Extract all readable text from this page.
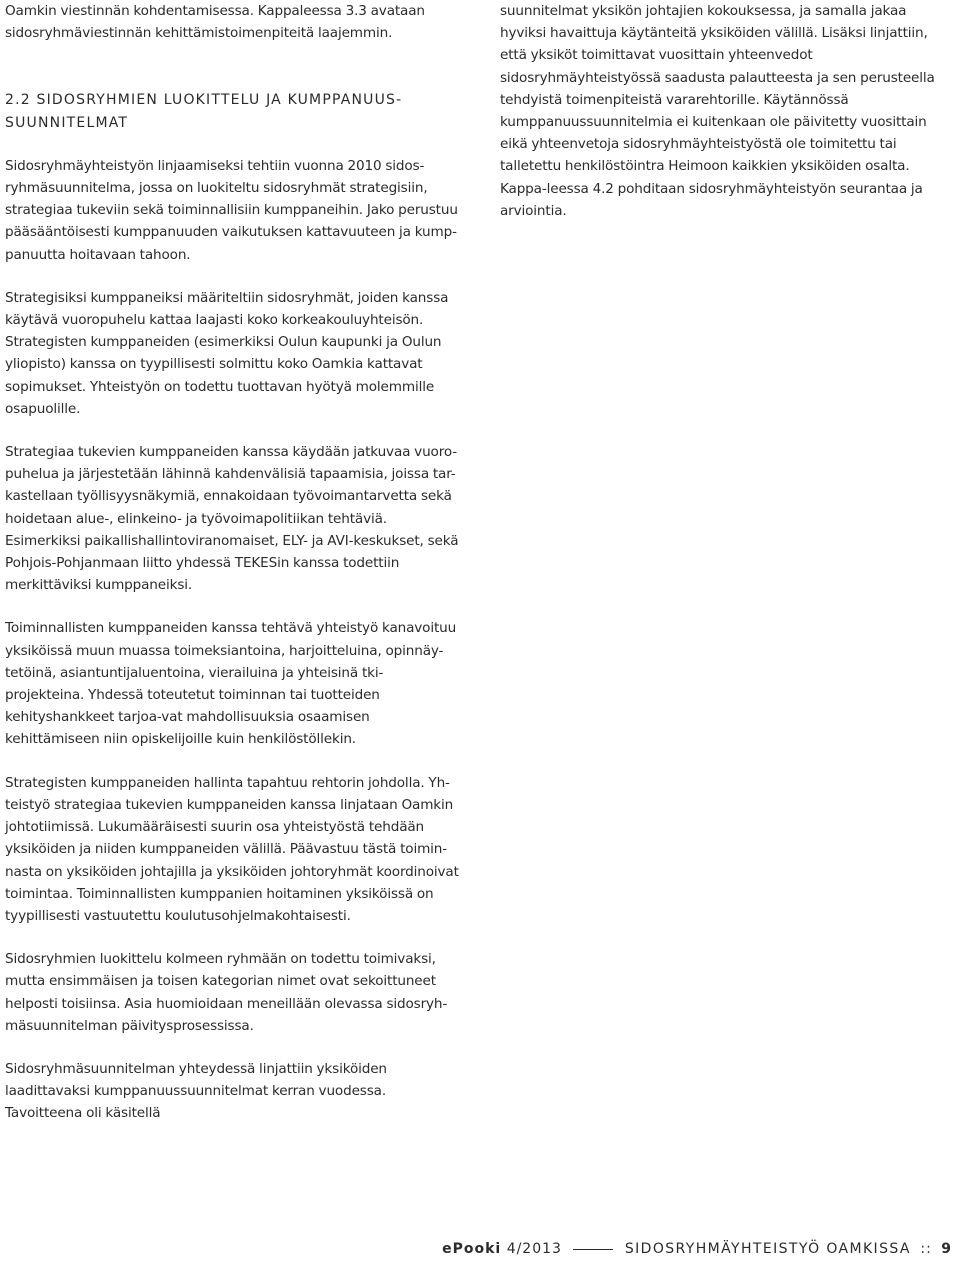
Oamkin viestinnän kohdentamisessa. Kappaleessa 3.3 avataan sidosryhmäviestinnän kehittämistoimenpiteitä laajemmin.

2.2 SIDOSRYHMIEN LUOKITTELU JA KUMPPANUUS-SUUNNITELMAT

Sidosryhmäyhteistyön linjaamiseksi tehtiin vuonna 2010 sidos-ryhmäsuunnitelma, jossa on luokiteltu sidosryhmät strategisiin, strategiaa tukeviin sekä toiminnallisiin kumppaneihin. Jako perustuu pääsääntöisesti kumppanuuden vaikutuksen kattavuuteen ja kump-panuutta hoitavaan tahoon.

Strategisiksi kumppaneiksi määriteltiin sidosryhmät, joiden kanssa käytävä vuoropuhelu kattaa laajasti koko korkeakouluyhteisön. Strategisten kumppaneiden (esimerkiksi Oulun kaupunki ja Oulun yliopisto) kanssa on tyypillisesti solmittu koko Oamkia kattavat sopimukset. Yhteistyön on todettu tuottavan hyötyä molemmille osapuolille.

Strategiaa tukevien kumppaneiden kanssa käydään jatkuvaa vuoro-puhelua ja järjestetään lähinnä kahdenvälisiä tapaamisia, joissa tar-kastellaan työllisyysnäkymiä, ennakoidaan työvoimantarvetta sekä hoidetaan alue-, elinkeino- ja työvoimapolitiikan tehtäviä. Esimerkiksi paikallishallintoviranomaiset, ELY- ja AVI-keskukset, sekä Pohjois-Pohjanmaan liitto yhdessä TEKESin kanssa todettiin merkittäviksi kumppaneiksi.

Toiminnallisten kumppaneiden kanssa tehtävä yhteistyö kanavoituu yksiköissä muun muassa toimeksiantoina, harjoitteluina, opinnäy-tetöinä, asiantuntijaluentoina, vierailuina ja yhteisinä tki-projekteina. Yhdessä toteutetut toiminnan tai tuotteiden kehityshankkeet tarjoa-vat mahdollisuuksia osaamisen kehittämiseen niin opiskelijoille kuin henkilöstöllekin.

Strategisten kumppaneiden hallinta tapahtuu rehtorin johdolla. Yh-teistyö strategiaa tukevien kumppaneiden kanssa linjataan Oamkin johtotiimissä. Lukumääräisesti suurin osa yhteistyöstä tehdään yksiköiden ja niiden kumppaneiden välillä. Päävastuu tästä toimin-nasta on yksiköiden johtajilla ja yksiköiden johtoryhmät koordinoivat toimintaa. Toiminnallisten kumppanien hoitaminen yksiköissä on tyypillisesti vastuutettu koulutusohjelmakohtaisesti.

Sidosryhmien luokittelu kolmeen ryhmään on todettu toimivaksi, mutta ensimmäisen ja toisen kategorian nimet ovat sekoittuneet helposti toisiinsa. Asia huomioidaan meneillään olevassa sidosryh-mäsuunnitelman päivitysprosessissa.

Sidosryhmäsuunnitelman yhteydessä linjattiin yksiköiden laadittavaksi kumppanuussuunnitelmat kerran vuodessa. Tavoitteena oli käsitellä

suunnitelmat yksikön johtajien kokouksessa, ja samalla jakaa hyviksi havaittuja käytänteitä yksiköiden välillä. Lisäksi linjattiin, että yksiköt toimittavat vuosittain yhteenvedot sidosryhmäyhteistyössä saadusta palautteesta ja sen perusteella tehdyistä toimenpiteistä vararehtorille. Käytännössä kumppanuussuunnitelmia ei kuitenkaan ole päivitetty vuosittain eikä yhteenvetoja sidosryhmäyhteistyöstä ole toimitettu tai talletettu henkilöstöintra Heimoon kaikkien yksiköiden osalta. Kappa-leessa 4.2 pohditaan sidosryhmäyhteistyön seurantaa ja arviointia.

ePooki 4/2013	SIDOSRYHMÄYHTEISTYÖ OAMKISSA :: 9
